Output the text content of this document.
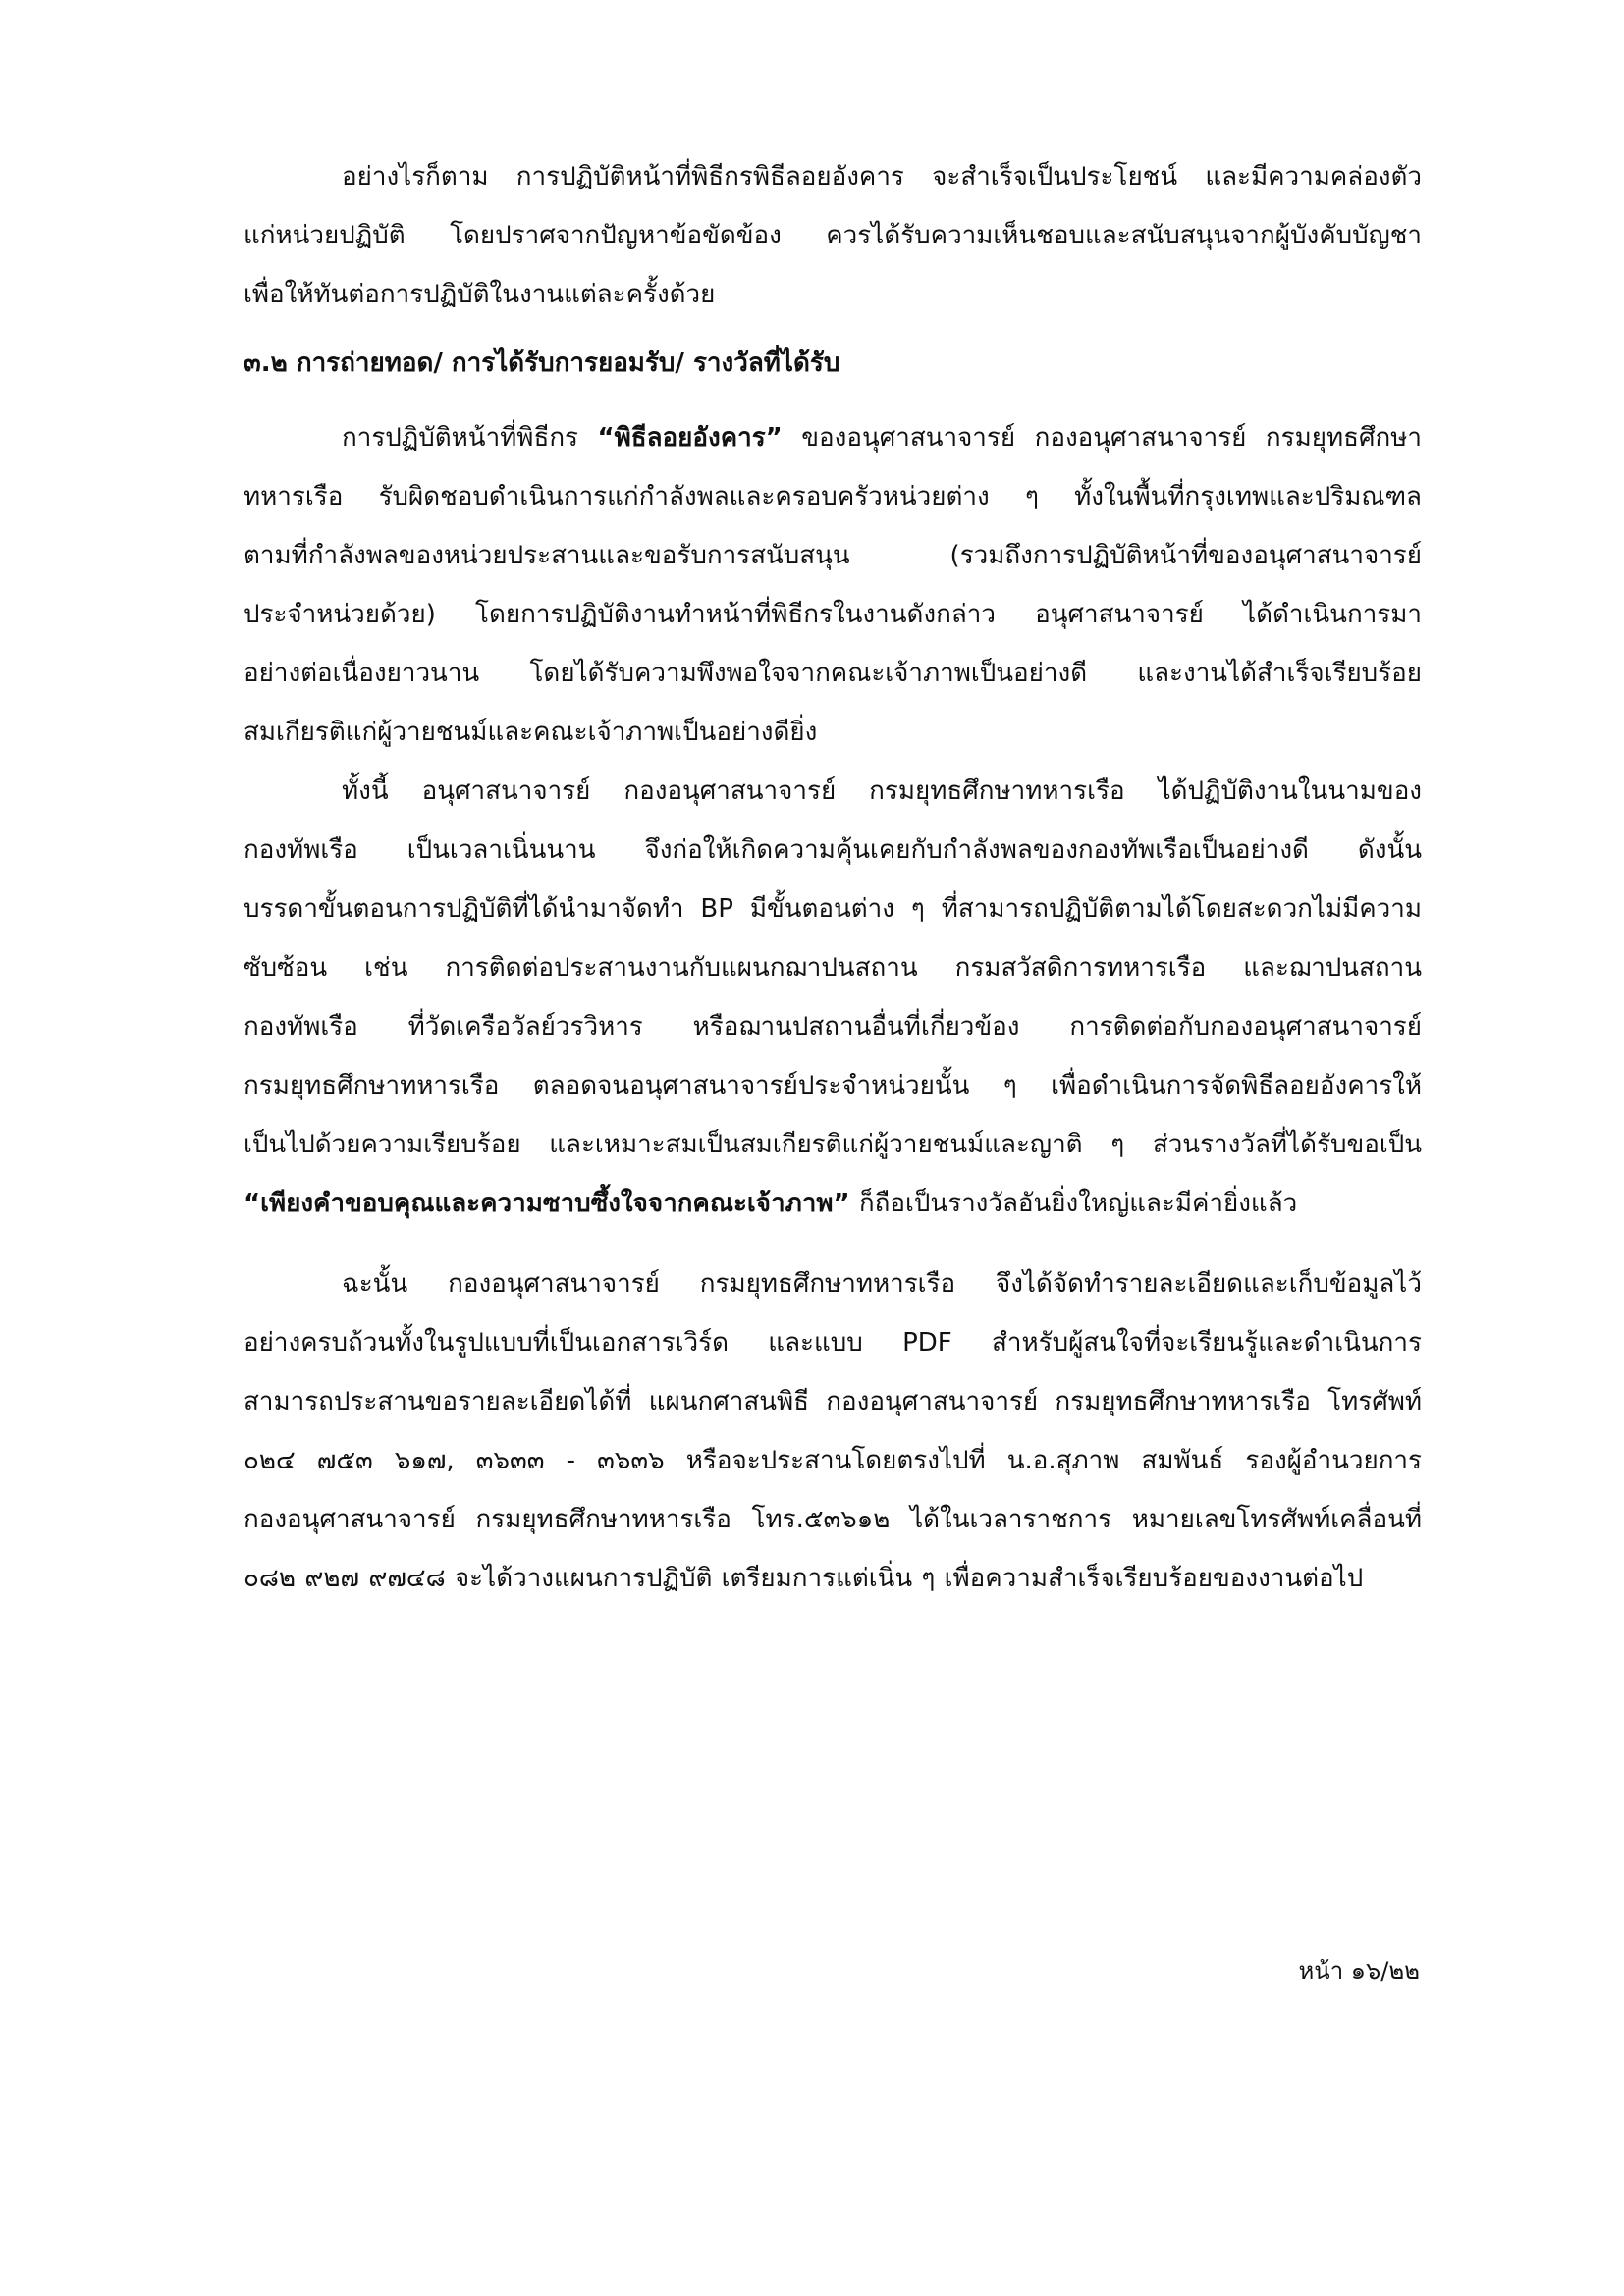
อย่างไรก็ตาม การปฏิบัติหน้าที่พิธีกรพิธีลอยอังคาร จะสำเร็จเป็นประโยชน์ และมีความคล่องตัว
แก่หน่วยปฏิบัติ โดยปราศจากปัญหาข้อขัดข้อง ควรได้รับความเห็นชอบและสนับสนุนจากผู้บังคับบัญชา
เพื่อให้ทันต่อการปฏิบัติในงานแต่ละครั้งด้วย

๓.๒ การถ่ายทอด/ การได้รับการยอมรับ/ รางวัลที่ได้รับ

การปฏิบัติหน้าที่พิธีกร “พิธีลอยอังคาร” ของอนุศาสนาจารย์ กองอนุศาสนาจารย์ กรมยุทธศึกษา
ทหารเรือ รับผิดชอบดำเนินการแก่กำลังพลและครอบครัวหน่วยต่าง ๆ ทั้งในพื้นที่กรุงเทพและปริมณฑล
ตามที่กำลังพลของหน่วยประสานและขอรับการสนับสนุน (รวมถึงการปฏิบัติหน้าที่ของอนุศาสนาจารย์
ประจำหน่วยด้วย) โดยการปฏิบัติงานทำหน้าที่พิธีกรในงานดังกล่าว อนุศาสนาจารย์ ได้ดำเนินการมา
อย่างต่อเนื่องยาวนาน โดยได้รับความพึงพอใจจากคณะเจ้าภาพเป็นอย่างดี และงานได้สำเร็จเรียบร้อย
สมเกียรติแก่ผู้วายชนม์และคณะเจ้าภาพเป็นอย่างดียิ่ง

ทั้งนี้ อนุศาสนาจารย์ กองอนุศาสนาจารย์ กรมยุทธศึกษาทหารเรือ ได้ปฏิบัติงานในนามของ
กองทัพเรือ เป็นเวลาเนิ่นนาน จึงก่อให้เกิดความคุ้นเคยกับกำลังพลของกองทัพเรือเป็นอย่างดี ดังนั้น
บรรดาขั้นตอนการปฏิบัติที่ได้นำมาจัดทำ BP มีขั้นตอนต่าง ๆ ที่สามารถปฏิบัติตามได้โดยสะดวกไม่มีความ
ซับซ้อน เช่น การติดต่อประสานงานกับแผนกฌาปนสถาน กรมสวัสดิการทหารเรือ และฌาปนสถาน
กองทัพเรือ ที่วัดเครือวัลย์วรวิหาร หรือฌานปสถานอื่นที่เกี่ยวข้อง การติดต่อกับกองอนุศาสนาจารย์
กรมยุทธศึกษาทหารเรือ ตลอดจนอนุศาสนาจารย์ประจำหน่วยนั้น ๆ เพื่อดำเนินการจัดพิธีลอยอังคารให้
เป็นไปด้วยความเรียบร้อย และเหมาะสมเป็นสมเกียรติแก่ผู้วายชนม์และญาติ ๆ ส่วนรางวัลที่ได้รับขอเป็น
“เพียงคำขอบคุณและความซาบซึ้งใจจากคณะเจ้าภาพ” ก็ถือเป็นรางวัลอันยิ่งใหญ่และมีค่ายิ่งแล้ว

ฉะนั้น กองอนุศาสนาจารย์ กรมยุทธศึกษาทหารเรือ จึงได้จัดทำรายละเอียดและเก็บข้อมูลไว้
อย่างครบถ้วนทั้งในรูปแบบที่เป็นเอกสารเวิร์ด และแบบ PDF สำหรับผู้สนใจที่จะเรียนรู้และดำเนินการ
สามารถประสานขอรายละเอียดได้ที่ แผนกศาสนพิธี กองอนุศาสนาจารย์ กรมยุทธศึกษาทหารเรือ โทรศัพท์
๐๒๔ ๗๕๓ ๖๑๗, ๓๖๓๓ - ๓๖๓๖ หรือจะประสานโดยตรงไปที่ น.อ.สุภาพ สมพันธ์ รองผู้อำนวยการ
กองอนุศาสนาจารย์ กรมยุทธศึกษาทหารเรือ โทร.๕๓๖๑๒ ได้ในเวลาราชการ หมายเลขโทรศัพท์เคลื่อนที่
๐๘๒ ๙๒๗ ๙๗๔๘ จะได้วางแผนการปฏิบัติ เตรียมการแต่เนิ่น ๆ เพื่อความสำเร็จเรียบร้อยของงานต่อไป

หน้า ๑๖/๒๒
